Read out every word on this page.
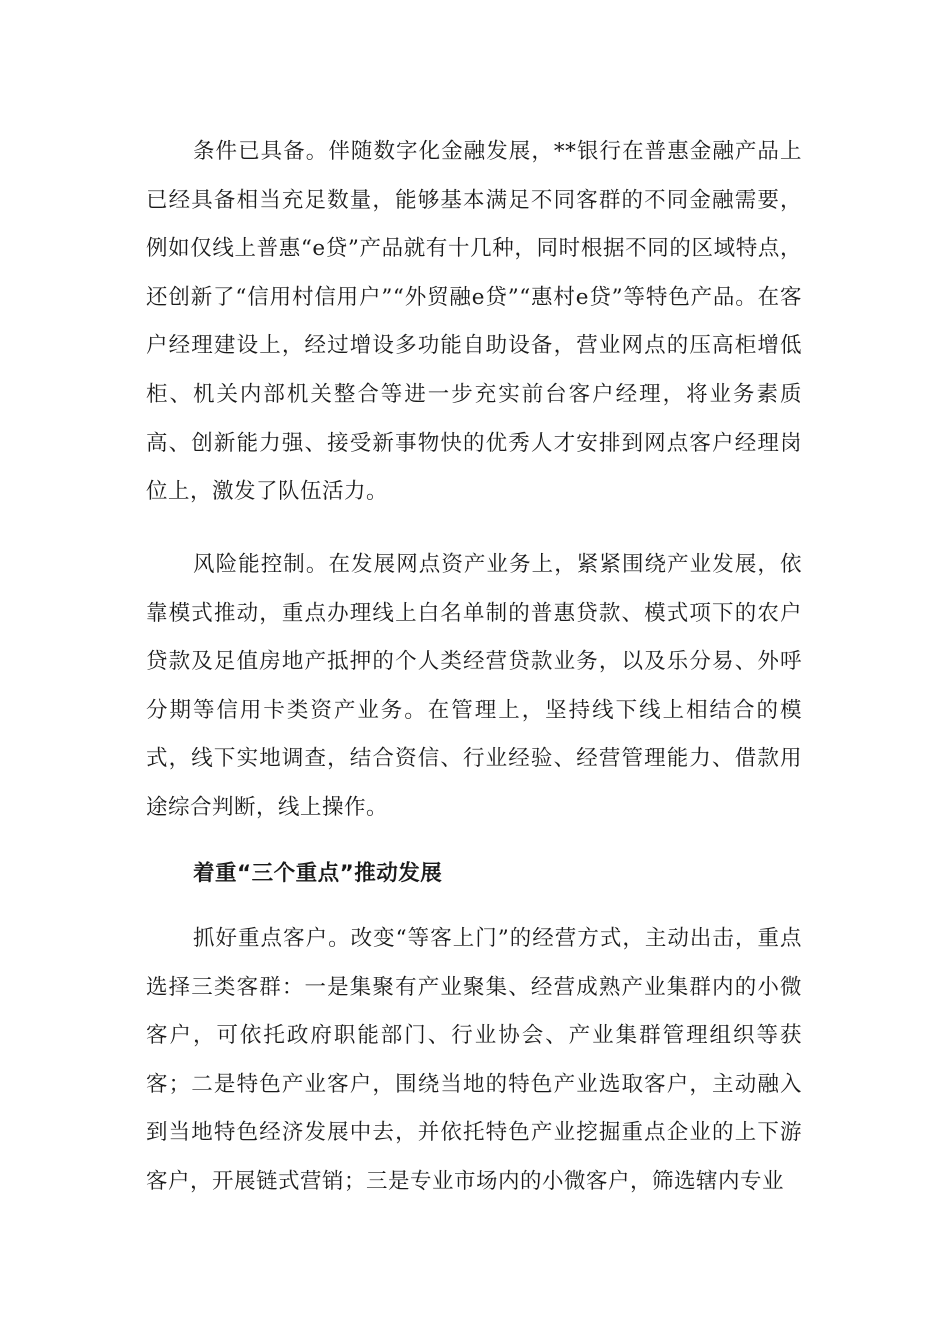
条件已具备。伴随数字化金融发展，**银行在普惠金融产品上已经具备相当充足数量，能够基本满足不同客群的不同金融需要，例如仅线上普惠“e贷”产品就有十几种，同时根据不同的区域特点，还创新了“信用村信用户”“外贸融e贷”“惠村e贷”等特色产品。在客户经理建设上，经过增设多功能自助设备，营业网点的压高柜增低柜、机关内部机关整合等进一步充实前台客户经理，将业务素质高、创新能力强、接受新事物快的优秀人才安排到网点客户经理岗位上，激发了队伍活力。

风险能控制。在发展网点资产业务上，紧紧围绕产业发展，依靠模式推动，重点办理线上白名单制的普惠贷款、模式项下的农户贷款及足值房地产抵押的个人类经营贷款业务，以及乐分易、外呼分期等信用卡类资产业务。在管理上，坚持线下线上相结合的模式，线下实地调查，结合资信、行业经验、经营管理能力、借款用途综合判断，线上操作。

着重“三个重点”推动发展

抓好重点客户。改变“等客上门”的经营方式，主动出击，重点选择三类客群：一是集聚有产业聚集、经营成熟产业集群内的小微客户，可依托政府职能部门、行业协会、产业集群管理组织等获客；二是特色产业客户，围绕当地的特色产业选取客户，主动融入到当地特色经济发展中去，并依托特色产业挖掘重点企业的上下游客户，开展链式营销；三是专业市场内的小微客户，筛选辖内专业
